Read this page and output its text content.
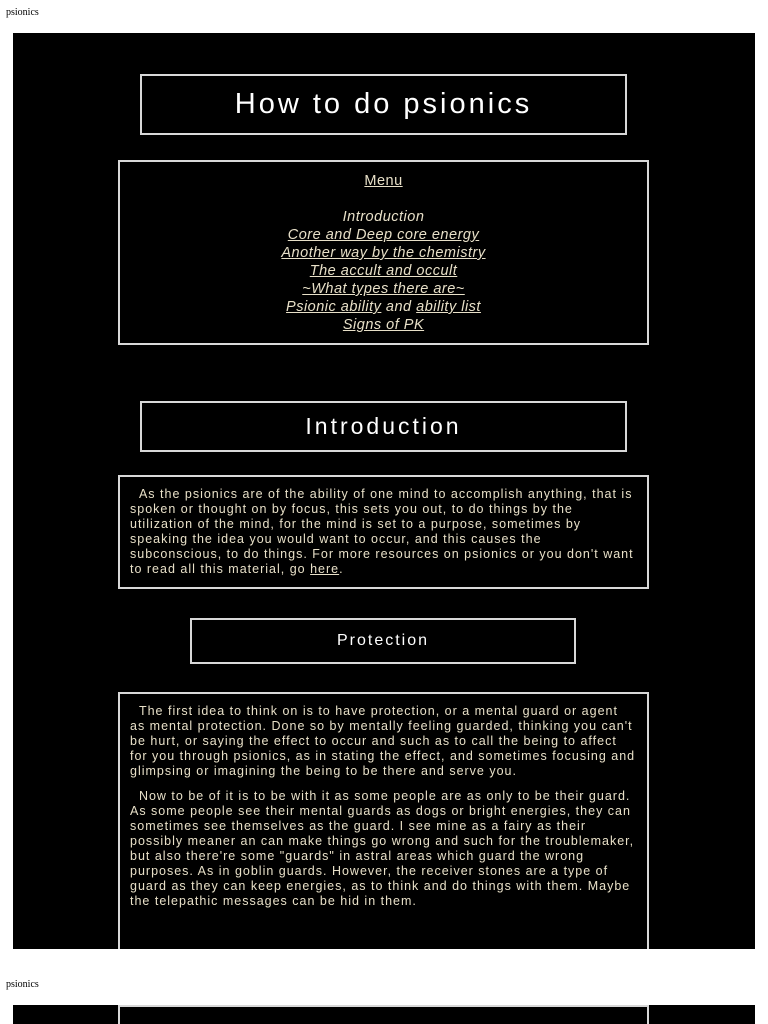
psionics
How to do psionics
Menu
Introduction
Core and Deep core energy
Another way by the chemistry
The accult and occult
~What types there are~
Psionic ability and ability list
Signs of PK
Introduction

As the psionics are of the ability of one mind to accomplish anything, that is spoken or thought on by focus, this sets you out, to do things by the utilization of the mind, for the mind is set to a purpose, sometimes by speaking the idea you would want to occur, and this causes the subconscious, to do things. For more resources on psionics or you don't want to read all this material, go here.

Protection

The first idea to think on is to have protection, or a mental guard or agent as mental protection. Done so by mentally feeling guarded, thinking you can't be hurt, or saying the effect to occur and such as to call the being to affect for you through psionics, as in stating the effect, and sometimes focusing and glimpsing or imagining the being to be there and serve you.

Now to be of it is to be with it as some people are as only to be their guard. As some people see their mental guards as dogs or bright energies, they can sometimes see themselves as the guard. I see mine as a fairy as their possibly meaner an can make things go wrong and such for the troublemaker, but also there're some "guards" in astral areas which guard the wrong purposes. As in goblin guards. However, the receiver stones are a type of guard as they can keep energies, as to think and do things with them. Maybe the telepathic messages can be hid in them.

psionics
